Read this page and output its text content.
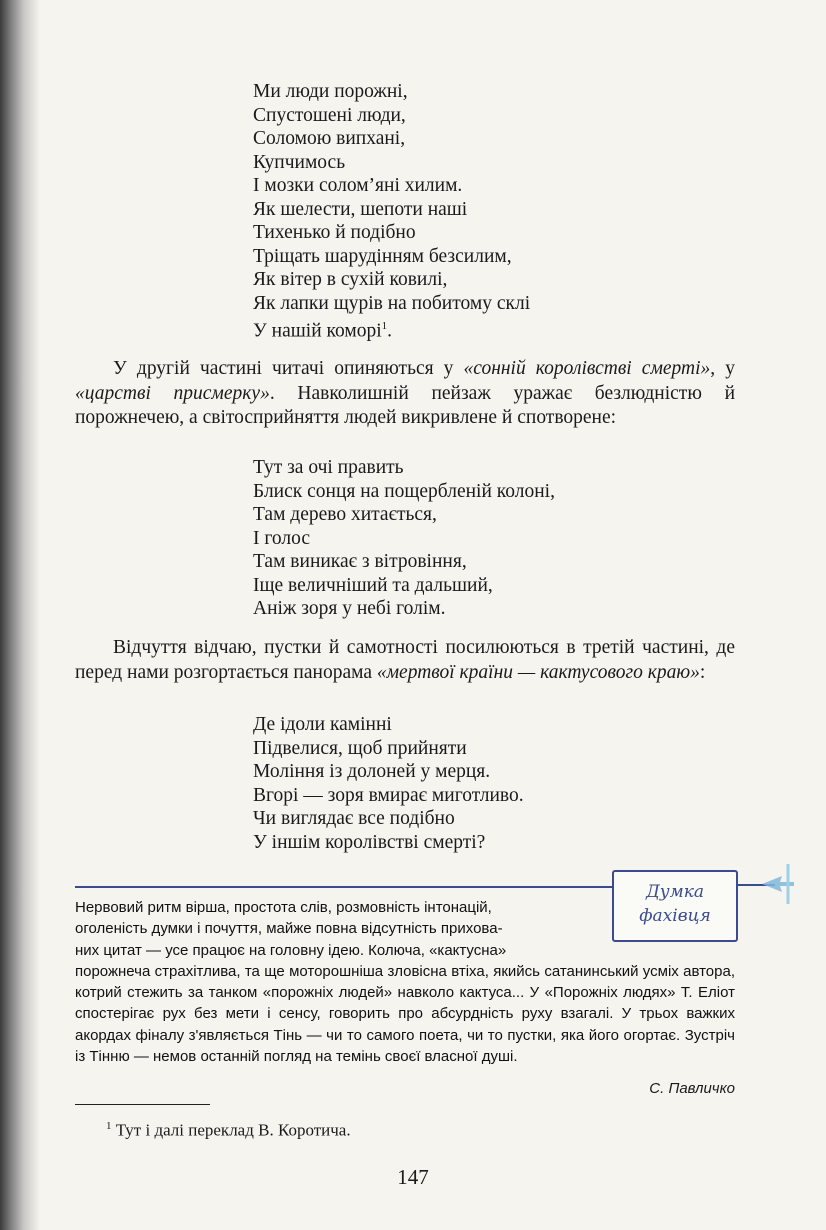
Ми люди порожні,
Спустошені люди,
Соломою випхані,
Купчимось
І мозки солом’яні хилим.
Як шелести, шепоти наші
Тихенько й подібно
Тріщать шарудінням безсилим,
Як вітер в сухій ковилі,
Як лапки щурів на побитому склі
У нашій коморі$^1$.
У другій частині читачі опиняються у «сонній королівстві смерті», у «царстві присмерку». Навколишній пейзаж уражає безлюдністю й порожнечею, а світосприйняття людей викривлене й спотворене:
Тут за очі править
Блиск сонця на пощербленій колоні,
Там дерево хитається,
І голос
Там виникає з вітровіння,
Іще величніший та дальший,
Аніж зоря у небі голім.
Відчуття відчаю, пустки й самотності посилюються в третій частині, де перед нами розгортається панорама «мертвої країни — кактусового краю»:
Де ідоли камінні
Підвелися, щоб прийняти
Моління із долоней у мерця.
Вгорі — зоря вмирає миготливо.
Чи виглядає все подібно
У іншім королівстві смерті?
Думка
фахівця
Нервовий ритм вірша, простота слів, розмовність інтонацій,
оголеність думки і почуття, майже повна відсутність прихова-
них цитат — усе працює на головну ідею. Колюча, «кактусна»
порожнеча страхітлива, та ще моторошніша зловісна втіха, якийсь сатанинський усміх автора, котрий стежить за танком «порожніх людей» навколо кактуса... У «Порожніх людях» Т. Еліот спостерігає рух без мети і сенсу, говорить про абсурдність руху взагалі. У трьох важких акордах фіналу з'являється Тінь — чи то самого поета, чи то пустки, яка його огортає. Зустріч із Тінню — немов останній погляд на темінь своєї власної душі.
С. Павличко
$^1$ Тут і далі переклад В. Коротича.
147
